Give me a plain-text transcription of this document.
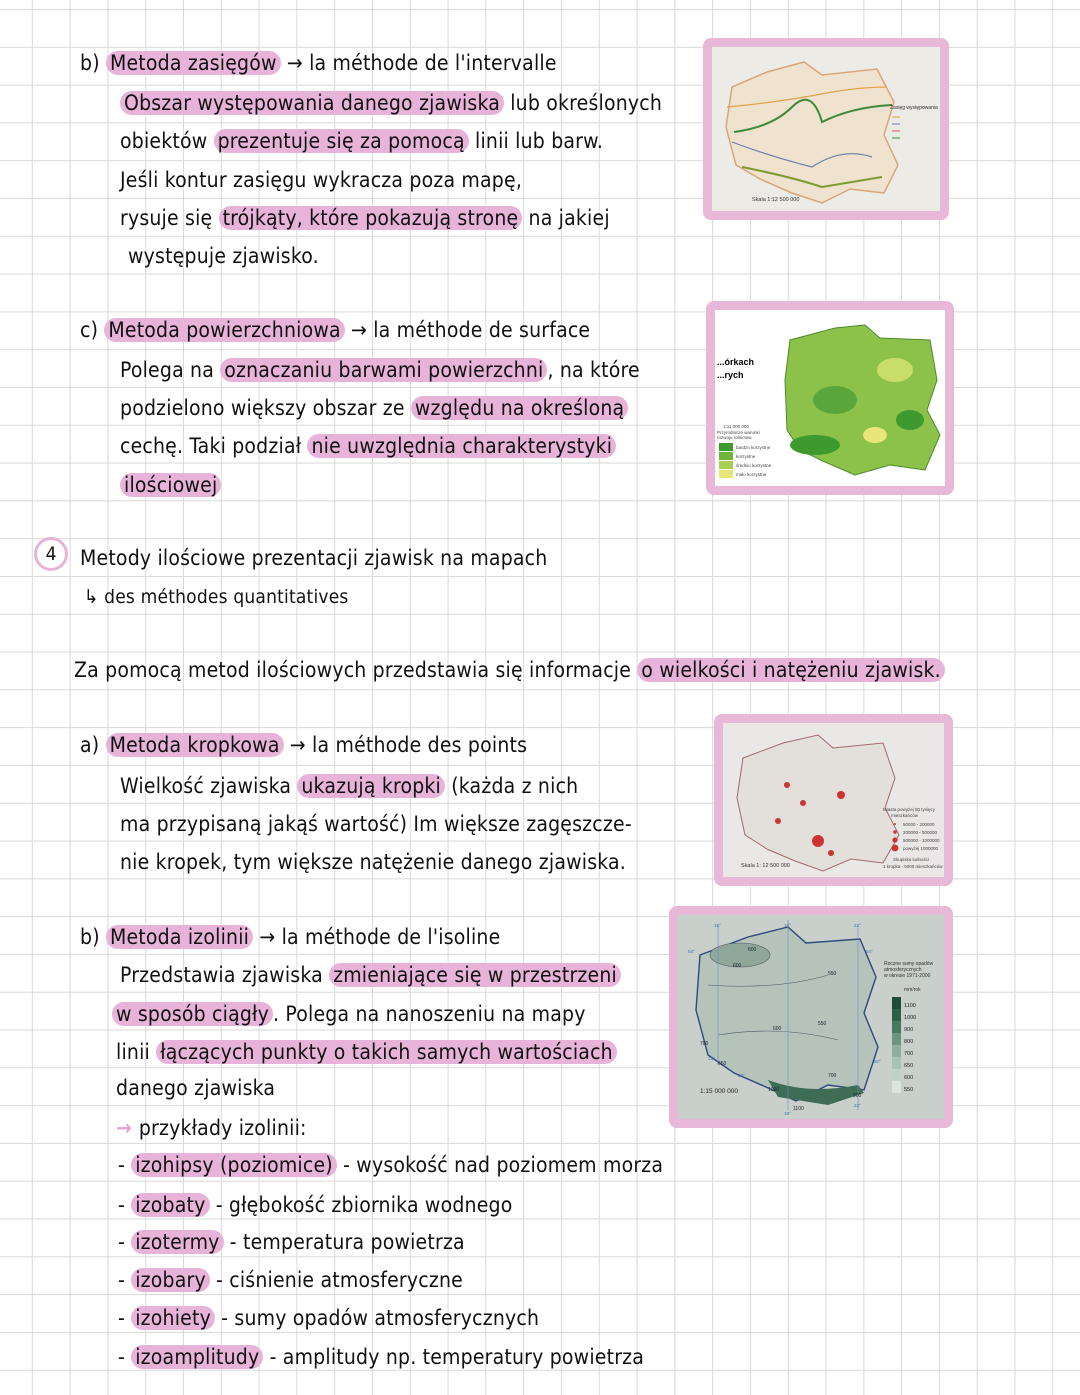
b) Metoda zasięgów → la méthode de l'intervalle
Obszar występowania danego zjawiska lub określonych
obiektów prezentuje się za pomocą linii lub barw.
Jeśli kontur zasięgu wykracza poza mapę,
rysuje się trójkąty, które pokazują stronę na jakiej
występuje zjawisko.
c) Metoda powierzchniowa → la méthode de surface
Polega na oznaczaniu barwami powierzchni , na które
podzielono większy obszar ze względu na określoną
cechę. Taki podział nie uwzględnia charakterystyki
ilościowej
4	Metody ilościowe prezentacji zjawisk na mapach
↳ des méthodes quantitatives
Za pomocą metod ilościowych przedstawia się informacje o wielkości i natężeniu zjawisk.
a) Metoda kropkowa → la méthode des points
Wielkość zjawiska ukazują kropki (każda z nich
ma przypisaną jakąś wartość) Im większe zagęszcze-
nie kropek, tym większe natężenie danego zjawiska.
b) Metoda izolinii → la méthode de l'isoline
Przedstawia zjawiska zmieniające się w przestrzeni
w sposób ciągły . Polega na nanoszeniu na mapy
linii łączących punkty o takich samych wartościach
danego zjawiska
→ przykłady izolinii:
- izohipsy (poziomice) - wysokość nad poziomem morza
- izobaty - głębokość zbiornika wodnego
- izotermy - temperatura powietrza
- izobary - ciśnienie atmosferyczne
- izohiety - sumy opadów atmosferycznych
- izoamplitudy - amplitudy np. temperatury powietrza
Zasięg występowania
Skala 1:12 500 000
...órkach
...rych
1:11 000 000
Przyrodnicze warunki
rozwoju rolnictwa
bardzo korzystne
korzystne
średnio korzystne
mało korzystne
Miasta powyżej 50 tysięcy
mieszkańców
50000 - 200000
200000 - 500000
500000 - 1000000
powyżej 1000000
Skupiska ludności
1 kropka - 5000 mieszkańców
Skala 1: 12 500 000
600
600
550
550
600
700
650
1000
1100
900
700
15°	19°	23°
54°	54°
50°
52°
15°
19°
23°
Roczne sumy opadów
atmosferycznych
w okresie 1971-2000
mm/rok
1100
1000
900
800
700
650
600
550
1:15 000 000
